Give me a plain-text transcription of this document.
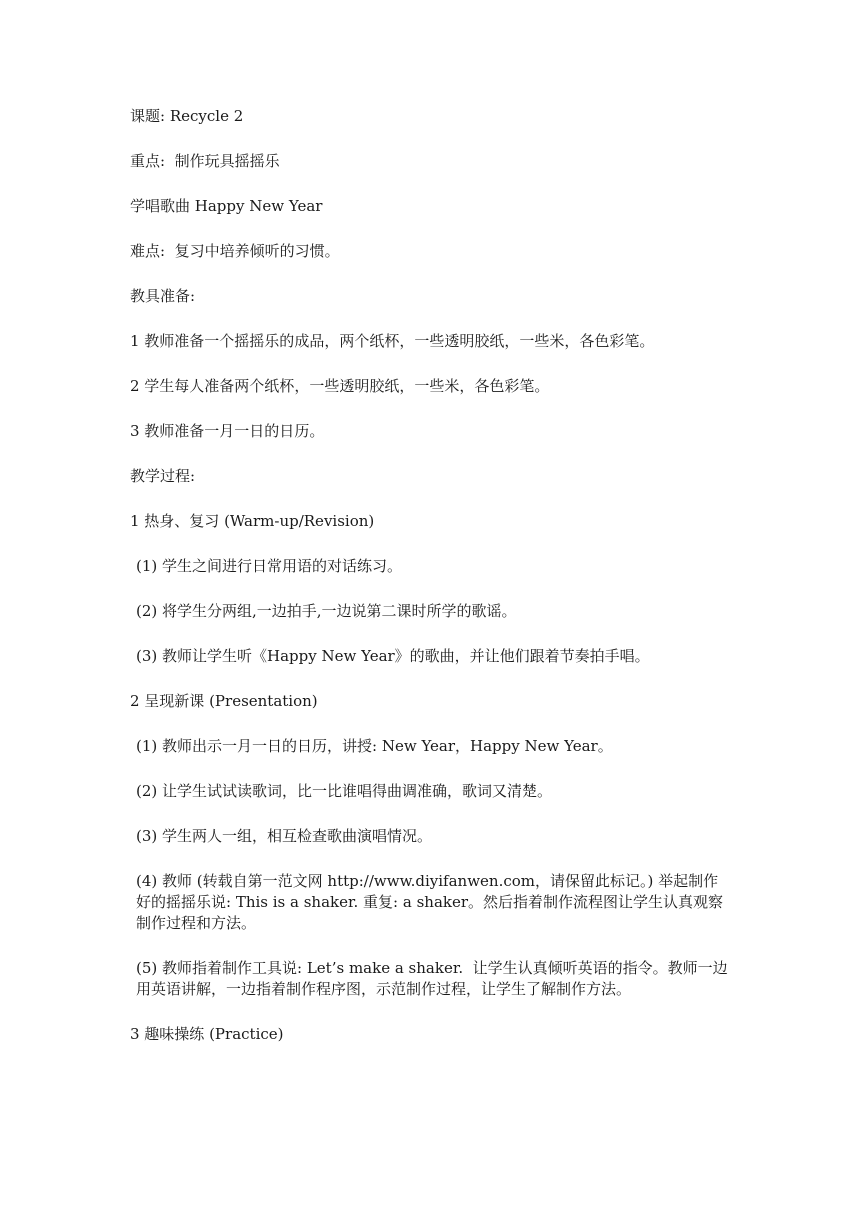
课题: Recycle 2

重点:  制作玩具摇摇乐

学唱歌曲 Happy New Year

难点:  复习中培养倾听的习惯。

教具准备:

1 教师准备一个摇摇乐的成品，两个纸杯，一些透明胶纸，一些米，各色彩笔。

2 学生每人准备两个纸杯，一些透明胶纸，一些米，各色彩笔。

3 教师准备一月一日的日历。

教学过程:

1 热身、复习 (Warm-up/Revision)

(1) 学生之间进行日常用语的对话练习。

(2) 将学生分两组,一边拍手,一边说第二课时所学的歌谣。

(3) 教师让学生听《Happy New Year》的歌曲，并让他们跟着节奏拍手唱。

2 呈现新课 (Presentation)

(1) 教师出示一月一日的日历，讲授: New Year，Happy New Year。

(2) 让学生试试读歌词，比一比谁唱得曲调准确，歌词又清楚。

(3) 学生两人一组，相互检查歌曲演唱情况。

(4) 教师 (转载自第一范文网 http://www.diyifanwen.com，请保留此标记。) 举起制作好的摇摇乐说: This is a shaker. 重复: a shaker。然后指着制作流程图让学生认真观察制作过程和方法。

(5) 教师指着制作工具说: Let’s make a shaker.  让学生认真倾听英语的指令。教师一边用英语讲解，一边指着制作程序图，示范制作过程，让学生了解制作方法。

3 趣味操练 (Practice)
